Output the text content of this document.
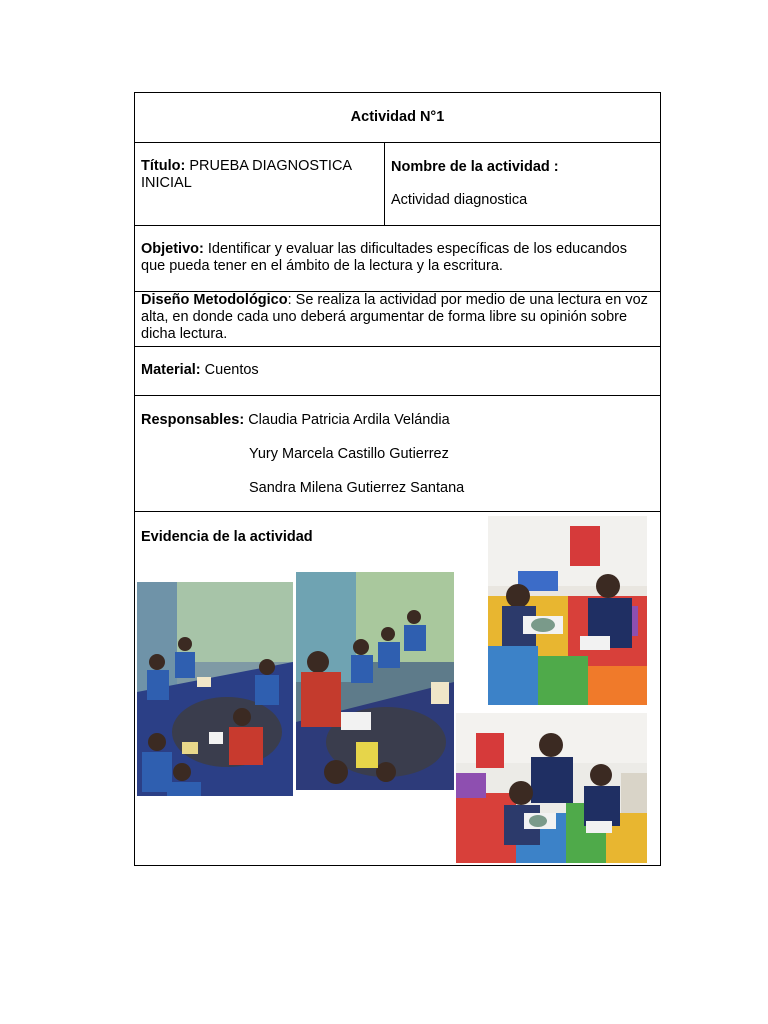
Actividad N°1
Título: PRUEBA DIAGNOSTICA INICIAL
Nombre de la actividad :
Actividad diagnostica
Objetivo: Identificar y evaluar las dificultades específicas de los educandos que pueda tener en el ámbito de la lectura y la escritura.
Diseño Metodológico: Se realiza la actividad por medio de una lectura en voz alta, en donde cada uno deberá argumentar de forma libre su opinión sobre dicha lectura.
Material: Cuentos
Responsables: Claudia Patricia Ardila Velándia
Yury Marcela Castillo Gutierrez
Sandra Milena Gutierrez Santana
Evidencia de la actividad
